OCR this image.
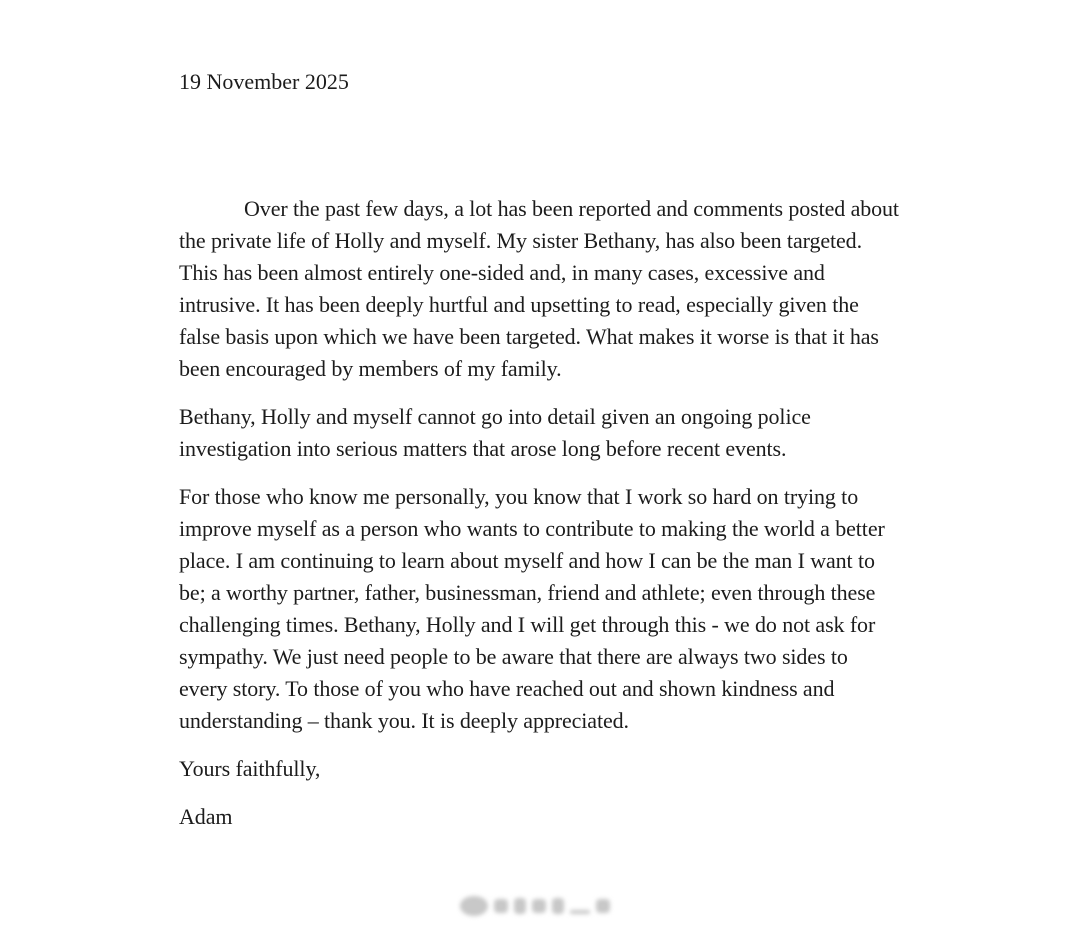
19 November 2025

Over the past few days, a lot has been reported and comments posted about the private life of Holly and myself. My sister Bethany, has also been targeted. This has been almost entirely one-sided and, in many cases, excessive and intrusive. It has been deeply hurtful and upsetting to read, especially given the false basis upon which we have been targeted. What makes it worse is that it has been encouraged by members of my family.

Bethany, Holly and myself cannot go into detail given an ongoing police investigation into serious matters that arose long before recent events.

For those who know me personally, you know that I work so hard on trying to improve myself as a person who wants to contribute to making the world a better place. I am continuing to learn about myself and how I can be the man I want to be; a worthy partner, father, businessman, friend and athlete; even through these challenging times. Bethany, Holly and I will get through this - we do not ask for sympathy. We just need people to be aware that there are always two sides to every story. To those of you who have reached out and shown kindness and understanding – thank you. It is deeply appreciated.

Yours faithfully,

Adam
